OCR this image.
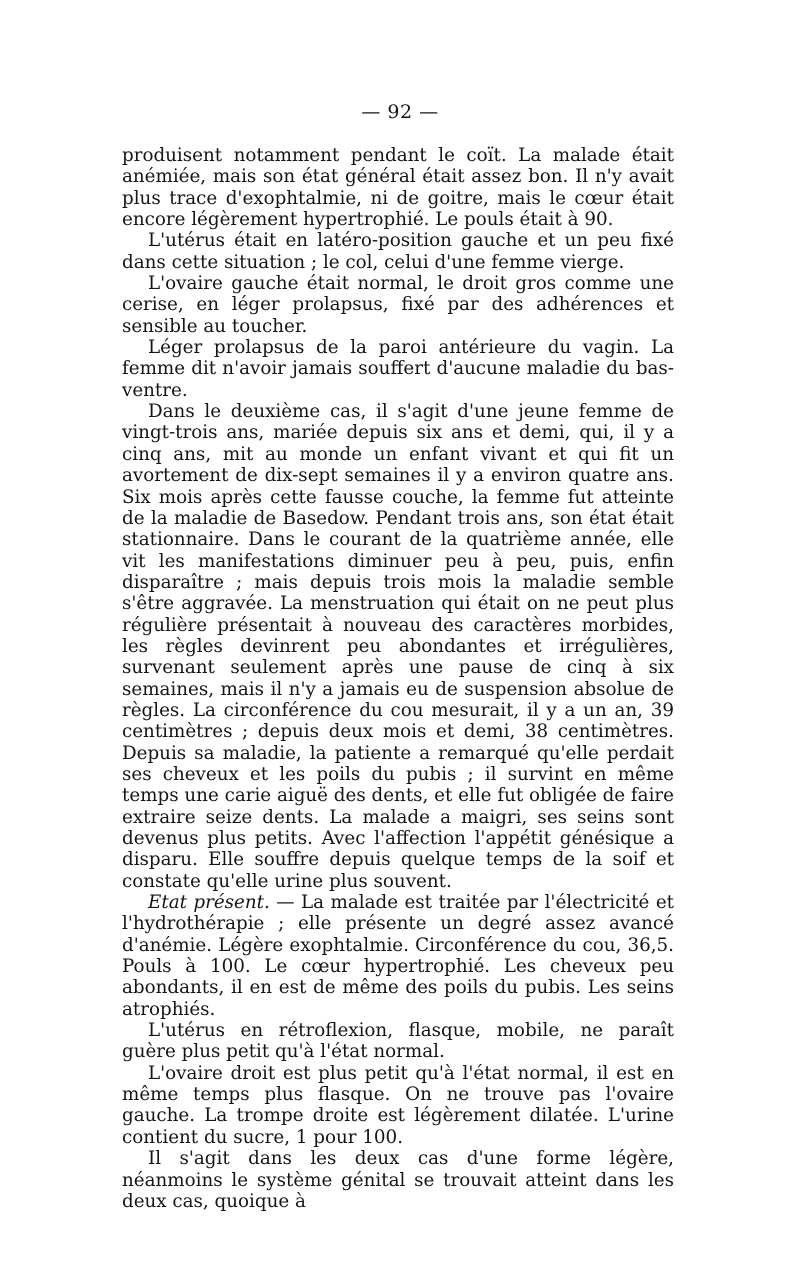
— 92 —

produisent notamment pendant le coït. La malade était anémiée, mais son état général était assez bon. Il n'y avait plus trace d'exophtalmie, ni de goitre, mais le cœur était encore légèrement hypertrophié. Le pouls était à 90.

L'utérus était en latéro-position gauche et un peu fixé dans cette situation ; le col, celui d'une femme vierge.

L'ovaire gauche était normal, le droit gros comme une cerise, en léger prolapsus, fixé par des adhérences et sensible au toucher.

Léger prolapsus de la paroi antérieure du vagin. La femme dit n'avoir jamais souffert d'aucune maladie du bas-ventre.

Dans le deuxième cas, il s'agit d'une jeune femme de vingt-trois ans, mariée depuis six ans et demi, qui, il y a cinq ans, mit au monde un enfant vivant et qui fit un avortement de dix-sept semaines il y a environ quatre ans. Six mois après cette fausse couche, la femme fut atteinte de la maladie de Basedow. Pendant trois ans, son état était stationnaire. Dans le courant de la quatrième année, elle vit les manifestations diminuer peu à peu, puis, enfin disparaître ; mais depuis trois mois la maladie semble s'être aggravée. La menstruation qui était on ne peut plus régulière présentait à nouveau des caractères morbides, les règles devinrent peu abondantes et irrégulières, survenant seulement après une pause de cinq à six semaines, mais il n'y a jamais eu de suspension absolue de règles. La circonférence du cou mesurait, il y a un an, 39 centimètres ; depuis deux mois et demi, 38 centimètres. Depuis sa maladie, la patiente a remarqué qu'elle perdait ses cheveux et les poils du pubis ; il survint en même temps une carie aiguë des dents, et elle fut obligée de faire extraire seize dents. La malade a maigri, ses seins sont devenus plus petits. Avec l'affection l'appétit génésique a disparu. Elle souffre depuis quelque temps de la soif et constate qu'elle urine plus souvent.

Etat présent. — La malade est traitée par l'électricité et l'hydrothérapie ; elle présente un degré assez avancé d'anémie. Légère exophtalmie. Circonférence du cou, 36,5. Pouls à 100. Le cœur hypertrophié. Les cheveux peu abondants, il en est de même des poils du pubis. Les seins atrophiés.

L'utérus en rétroflexion, flasque, mobile, ne paraît guère plus petit qu'à l'état normal.

L'ovaire droit est plus petit qu'à l'état normal, il est en même temps plus flasque. On ne trouve pas l'ovaire gauche. La trompe droite est légèrement dilatée. L'urine contient du sucre, 1 pour 100.

Il s'agit dans les deux cas d'une forme légère, néanmoins le système génital se trouvait atteint dans les deux cas, quoique à
